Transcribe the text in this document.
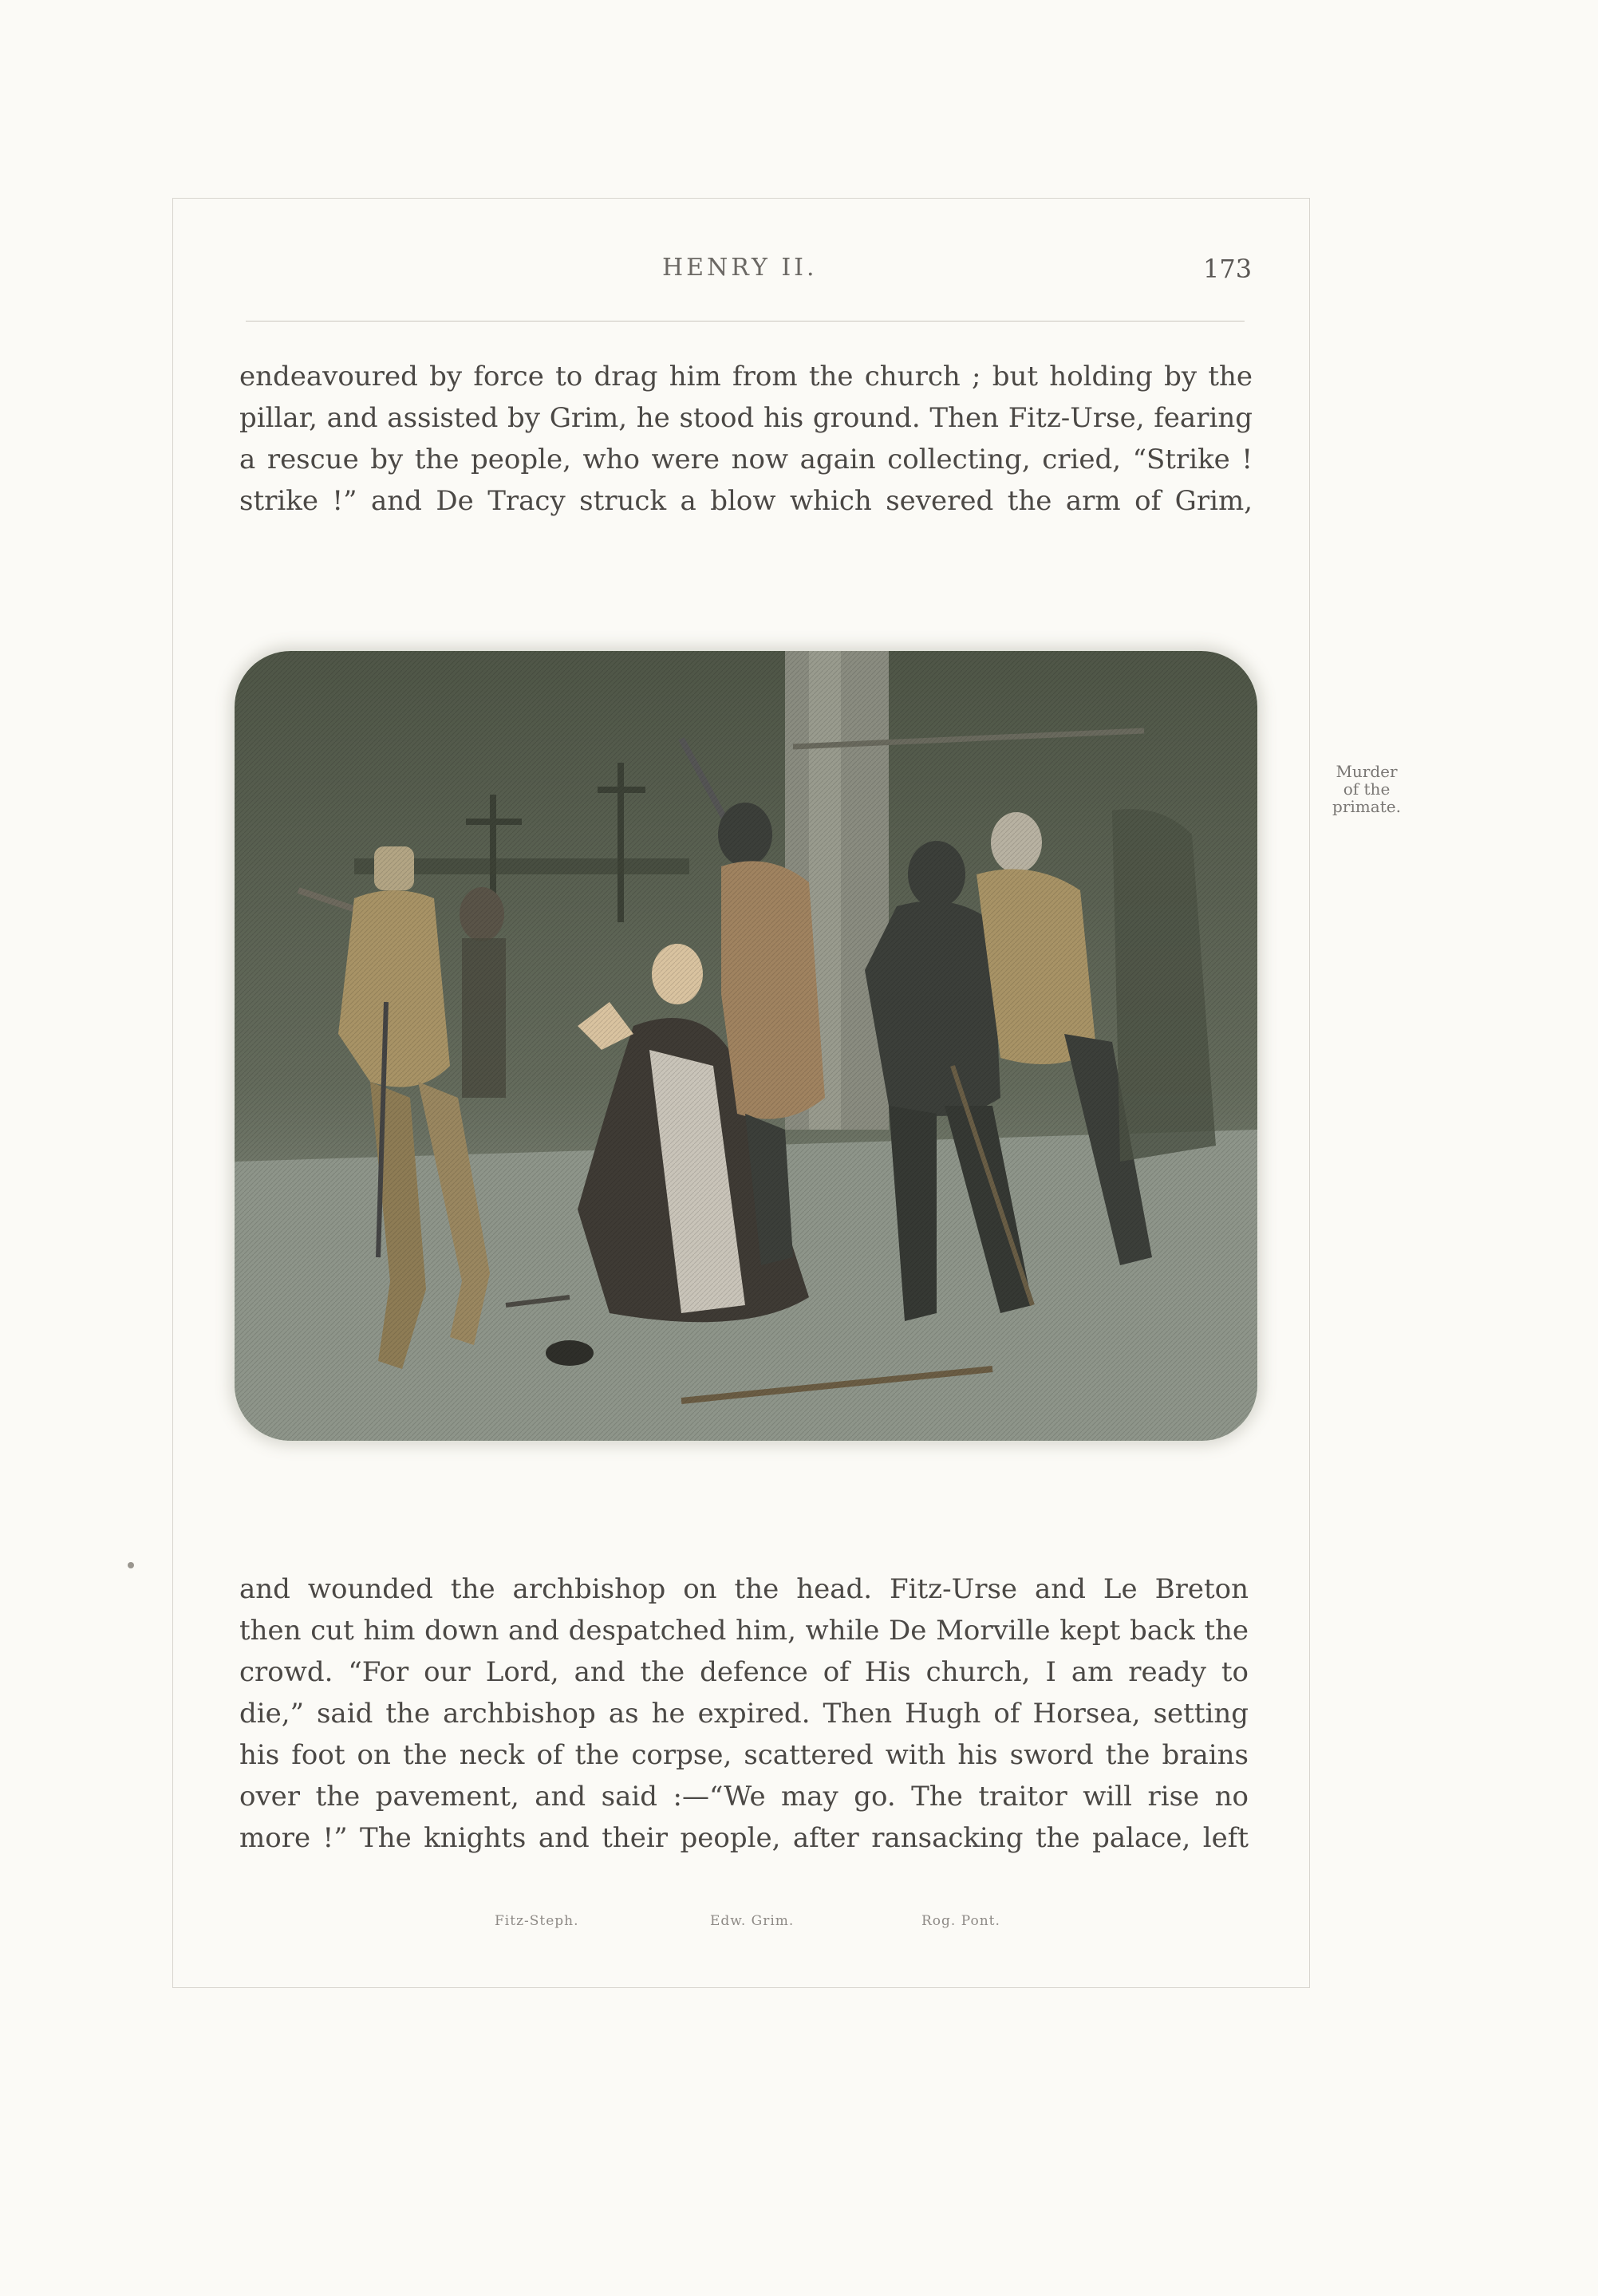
HENRY II.	173
endeavoured by force to drag him from the church ; but holding by the
pillar, and assisted by Grim, he stood his ground. Then Fitz-Urse, fearing
a rescue by the people, who were now again collecting, cried, “Strike !
strike !” and De Tracy struck a blow which severed the arm of Grim,
Murder
of the
primate.
and wounded the archbishop on the head. Fitz-Urse and Le Breton
then cut him down and despatched him, while De Morville kept back the
crowd. “For our Lord, and the defence of His church, I am ready to
die,” said the archbishop as he expired. Then Hugh of Horsea, setting
his foot on the neck of the corpse, scattered with his sword the brains
over the pavement, and said :—“We may go. The traitor will rise no
more !” The knights and their people, after ransacking the palace, left
Fitz-Steph.	Edw. Grim.	Rog. Pont.
